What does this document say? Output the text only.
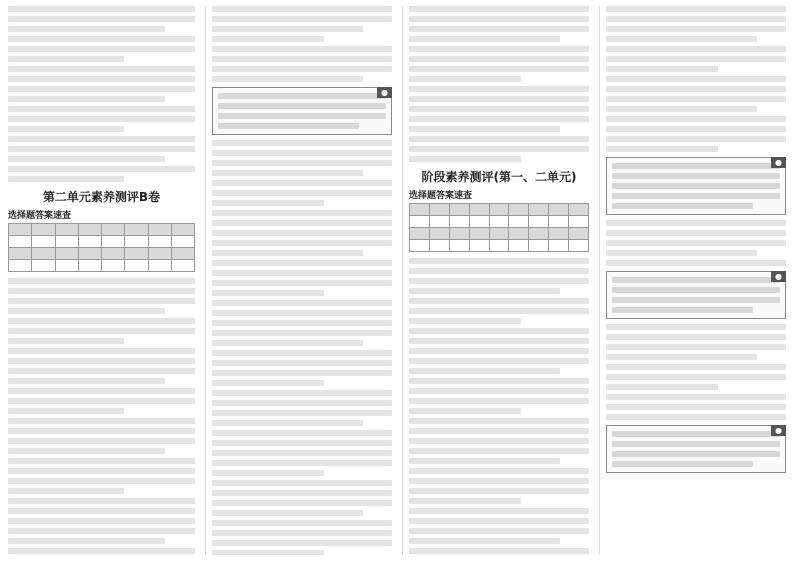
第二单元素养测评B卷
选择题答案速查

●
阶段素养测评(第一、二单元)
选择题答案速查

●
●
●
